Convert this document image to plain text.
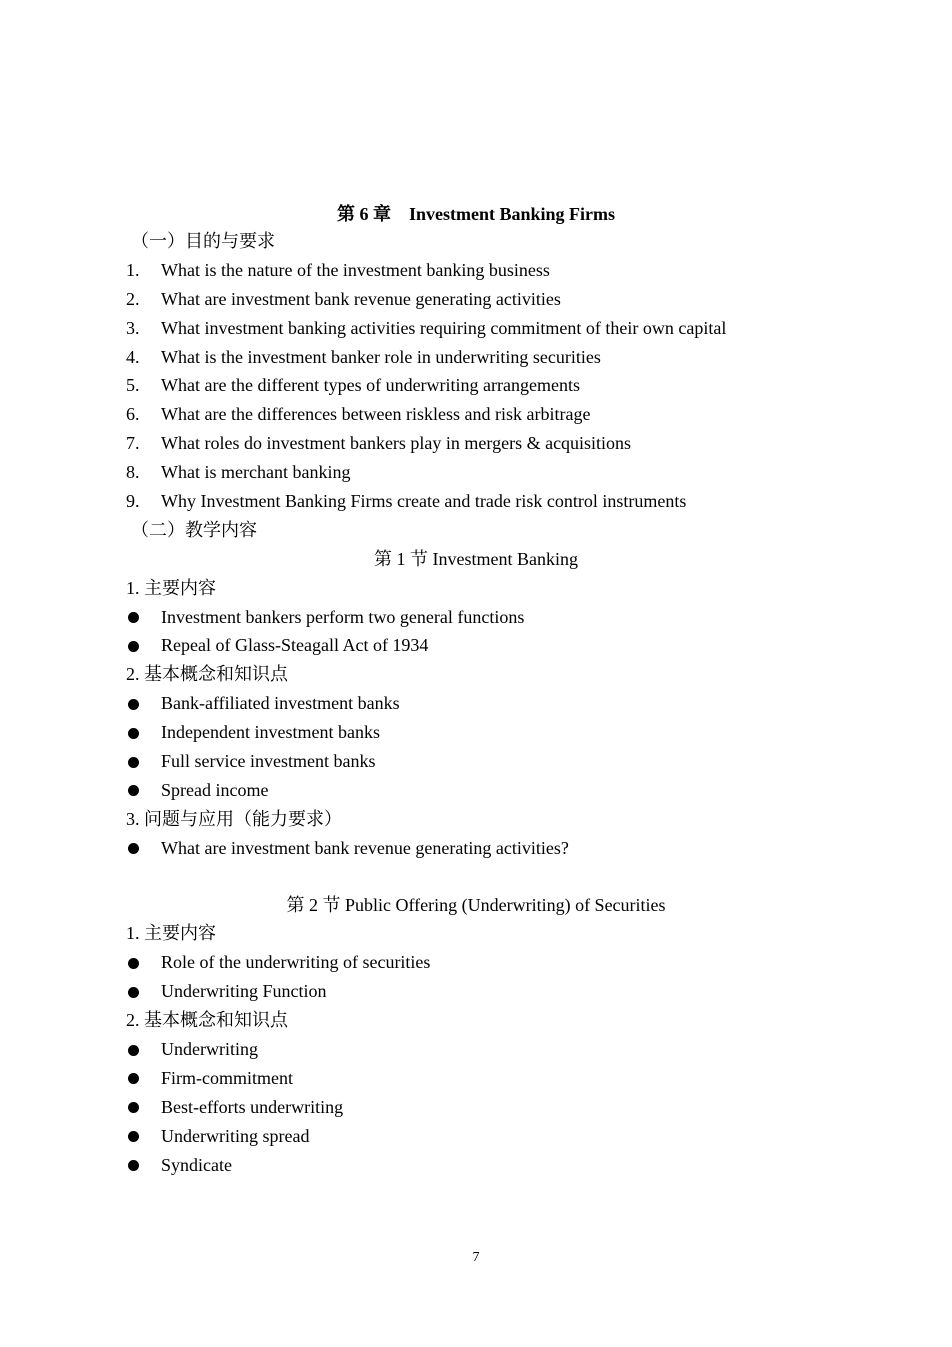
第 6 章　Investment Banking Firms
（一）目的与要求
1. What is the nature of the investment banking business
2. What are investment bank revenue generating activities
3. What investment banking activities requiring commitment of their own capital
4. What is the investment banker role in underwriting securities
5. What are the different types of underwriting arrangements
6. What are the differences between riskless and risk arbitrage
7. What roles do investment bankers play in mergers & acquisitions
8. What is merchant banking
9. Why Investment Banking Firms create and trade risk control instruments
（二）教学内容
第 1 节 Investment Banking
1. 主要内容
Investment bankers perform two general functions
Repeal of Glass-Steagall Act of 1934
2. 基本概念和知识点
Bank-affiliated investment banks
Independent investment banks
Full service investment banks
Spread income
3. 问题与应用（能力要求）
What are investment bank revenue generating activities?
第 2 节 Public Offering (Underwriting) of Securities
1. 主要内容
Role of the underwriting of securities
Underwriting Function
2. 基本概念和知识点
Underwriting
Firm-commitment
Best-efforts underwriting
Underwriting spread
Syndicate
7
